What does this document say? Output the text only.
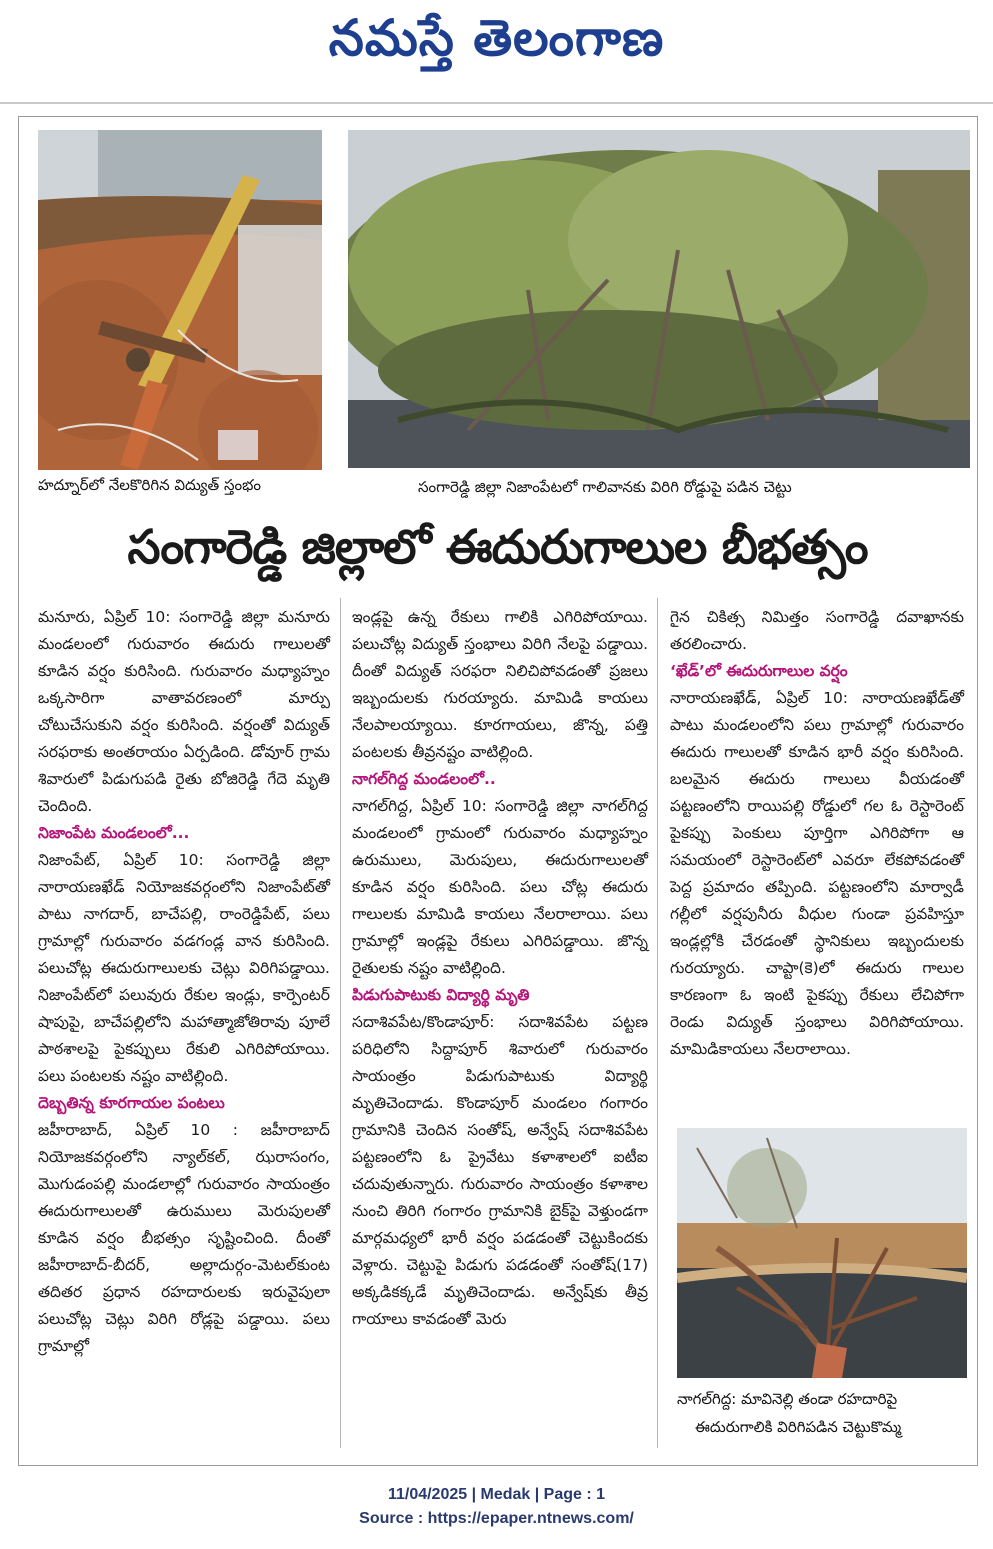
నమస్తే తెలంగాణ
హద్నూర్‌లో నేలకొరిగిన విద్యుత్ స్తంభం	సంగారెడ్డి జిల్లా నిజాంపేటలో గాలివానకు విరిగి రోడ్డుపై పడిన చెట్టు
సంగారెడ్డి జిల్లాలో ఈదురుగాలుల బీభత్సం

మనూరు, ఏప్రిల్ 10: సంగారెడ్డి జిల్లా మనూరు మండలంలో గురువారం ఈదురు గాలులతో కూడిన వర్షం కురిసింది. గురువారం మధ్యాహ్నం ఒక్కసారిగా వాతావరణంలో మార్పు చోటుచేసుకుని వర్షం కురిసింది. వర్షంతో విద్యుత్ సరఫరాకు అంతరాయం ఏర్పడింది. డోవూర్ గ్రామ శివారులో పిడుగుపడి రైతు బోజిరెడ్డి గేదె మృతి చెందింది.

నిజాంపేట మండలంలో...

నిజాంపేట్, ఏప్రిల్ 10: సంగారెడ్డి జిల్లా నారాయణఖేడ్ నియోజకవర్గంలోని నిజాంపేట్‌తో పాటు నాగదార్, బాచేపల్లి, రాంరెడ్డిపేట్, పలు గ్రామాల్లో గురువారం వడగండ్ల వాన కురిసింది. పలుచోట్ల ఈదురుగాలులకు చెట్లు విరిగిపడ్డాయి. నిజాంపేట్‌లో పలువురు రేకుల ఇండ్లు, కార్పెంటర్ షాపుపై, బాచేపల్లిలోని మహాత్మాజోతిరావు పూలే పాఠశాలపై పైకప్పులు రేకులి ఎగిరిపోయాయి. పలు పంటలకు నష్టం వాటిల్లింది.

దెబ్బతిన్న కూరగాయల పంటలు

జహీరాబాద్, ఏప్రిల్ 10 : జహీరాబాద్ నియోజకవర్గంలోని న్యాల్‌కల్, ఝరాసంగం, మొగుడంపల్లి మండలాల్లో గురువారం సాయంత్రం ఈదురుగాలులతో ఉరుములు మెరుపులతో కూడిన వర్షం బీభత్సం సృష్టించింది. దీంతో జహీరాబాద్-బీదర్, అల్లాదుర్గం-మెటల్‌కుంట తదితర ప్రధాన రహదారులకు ఇరువైపులా పలుచోట్ల చెట్లు విరిగి రోడ్లపై పడ్డాయి. పలు గ్రామాల్లో

ఇండ్లపై ఉన్న రేకులు గాలికి ఎగిరిపోయాయి. పలుచోట్ల విద్యుత్ స్తంభాలు విరిగి నేలపై పడ్డాయి. దీంతో విద్యుత్ సరఫరా నిలిచిపోవడంతో ప్రజలు ఇబ్బందులకు గురయ్యారు. మామిడి కాయలు నేలపాలయ్యాయి. కూరగాయలు, జొన్న, పత్తి పంటలకు తీవ్రనష్టం వాటిల్లింది.

నాగల్‌గిద్ద మండలంలో..

నాగల్‌గిద్ద, ఏప్రిల్ 10: సంగారెడ్డి జిల్లా నాగల్‌గిద్ద మండలంలో గ్రామంలో గురువారం మధ్యాహ్నం ఉరుములు, మెరుపులు, ఈదురుగాలులతో కూడిన వర్షం కురిసింది. పలు చోట్ల ఈదురు గాలులకు మామిడి కాయలు నేలరాలాయి. పలు గ్రామాల్లో ఇండ్లపై రేకులు ఎగిరిపడ్డాయి. జొన్న రైతులకు నష్టం వాటిల్లింది.

పిడుగుపాటుకు విద్యార్థి మృతి

సదాశివపేట/కొండాపూర్: సదాశివపేట పట్టణ పరిధిలోని సిద్దాపూర్ శివారులో గురువారం సాయంత్రం పిడుగుపాటుకు విద్యార్థి మృతిచెందాడు. కొండాపూర్ మండలం గంగారం గ్రామానికి చెందిన సంతోష్, అన్వేష్ సదాశివపేట పట్టణంలోని ఓ ప్రైవేటు కళాశాలలో ఐటీఐ చదువుతున్నారు. గురువారం సాయంత్రం కళాశాల నుంచి తిరిగి గంగారం గ్రామానికి బైక్‌పై వెళ్తుండగా మార్గమధ్యలో భారీ వర్షం పడడంతో చెట్టుకిందకు వెళ్లారు. చెట్టుపై పిడుగు పడడంతో సంతోష్(17) అక్కడికక్కడే మృతిచెందాడు. అన్వేష్‌కు తీవ్ర గాయాలు కావడంతో మెరు

గైన చికిత్స నిమిత్తం సంగారెడ్డి దవాఖానకు తరలించారు.

‘ఖేడ్’లో ఈదురుగాలుల వర్షం

నారాయణఖేడ్, ఏప్రిల్ 10: నారాయణఖేడ్‌తో పాటు మండలంలోని పలు గ్రామాల్లో గురువారం ఈదురు గాలులతో కూడిన భారీ వర్షం కురిసింది. బలమైన ఈదురు గాలులు వీయడంతో పట్టణంలోని రాయిపల్లి రోడ్డులో గల ఓ రెస్టారెంట్ పైకప్పు పెంకులు పూర్తిగా ఎగిరిపోగా ఆ సమయంలో రెస్టారెంట్‌లో ఎవరూ లేకపోవడంతో పెద్ద ప్రమాదం తప్పింది. పట్టణంలోని మార్వాడీ గల్లీలో వర్షపునీరు వీధుల గుండా ప్రవహిస్తూ ఇండ్లల్లోకి చేరడంతో స్థానికులు ఇబ్బందులకు గురయ్యారు. చాప్టా(కె)లో ఈదురు గాలుల కారణంగా ఓ ఇంటి పైకప్పు రేకులు లేచిపోగా రెండు విద్యుత్ స్తంభాలు విరిగిపోయాయి. మామిడికాయలు నేలరాలాయి.

నాగల్‌గిద్ద: మావినెల్లి తండా రహదారిపై
ఈదురుగాలికి విరిగిపడిన చెట్టుకొమ్మ
11/04/2025 | Medak | Page : 1
Source : https://epaper.ntnews.com/
